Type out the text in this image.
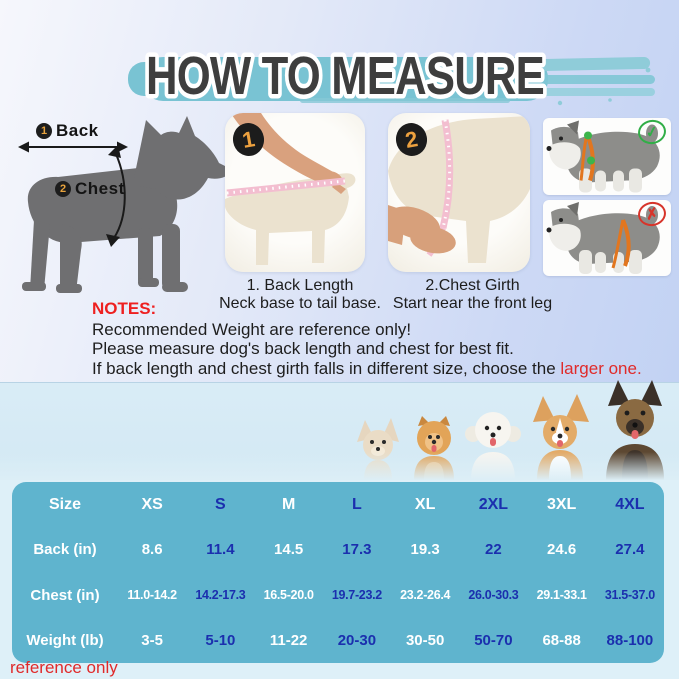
HOW TO MEASURE
1 Back
2 Chest
1	2
1. Back Length
Neck base to tail base.
2.Chest Girth
Start near the front leg
✓
✗
NOTES:
Recommended Weight are reference only!
Please measure dog's back length and chest for best fit.
If back length and chest girth falls in different size, choose the larger one.
Size	XS	S	M	L	XL	2XL	3XL	4XL
Back (in)	8.6	11.4	14.5	17.3	19.3	22	24.6	27.4
Chest (in)	11.0-14.2	14.2-17.3	16.5-20.0	19.7-23.2	23.2-26.4	26.0-30.3	29.1-33.1	31.5-37.0
Weight (lb)	3-5	5-10	11-22	20-30	30-50	50-70	68-88	88-100
reference only
